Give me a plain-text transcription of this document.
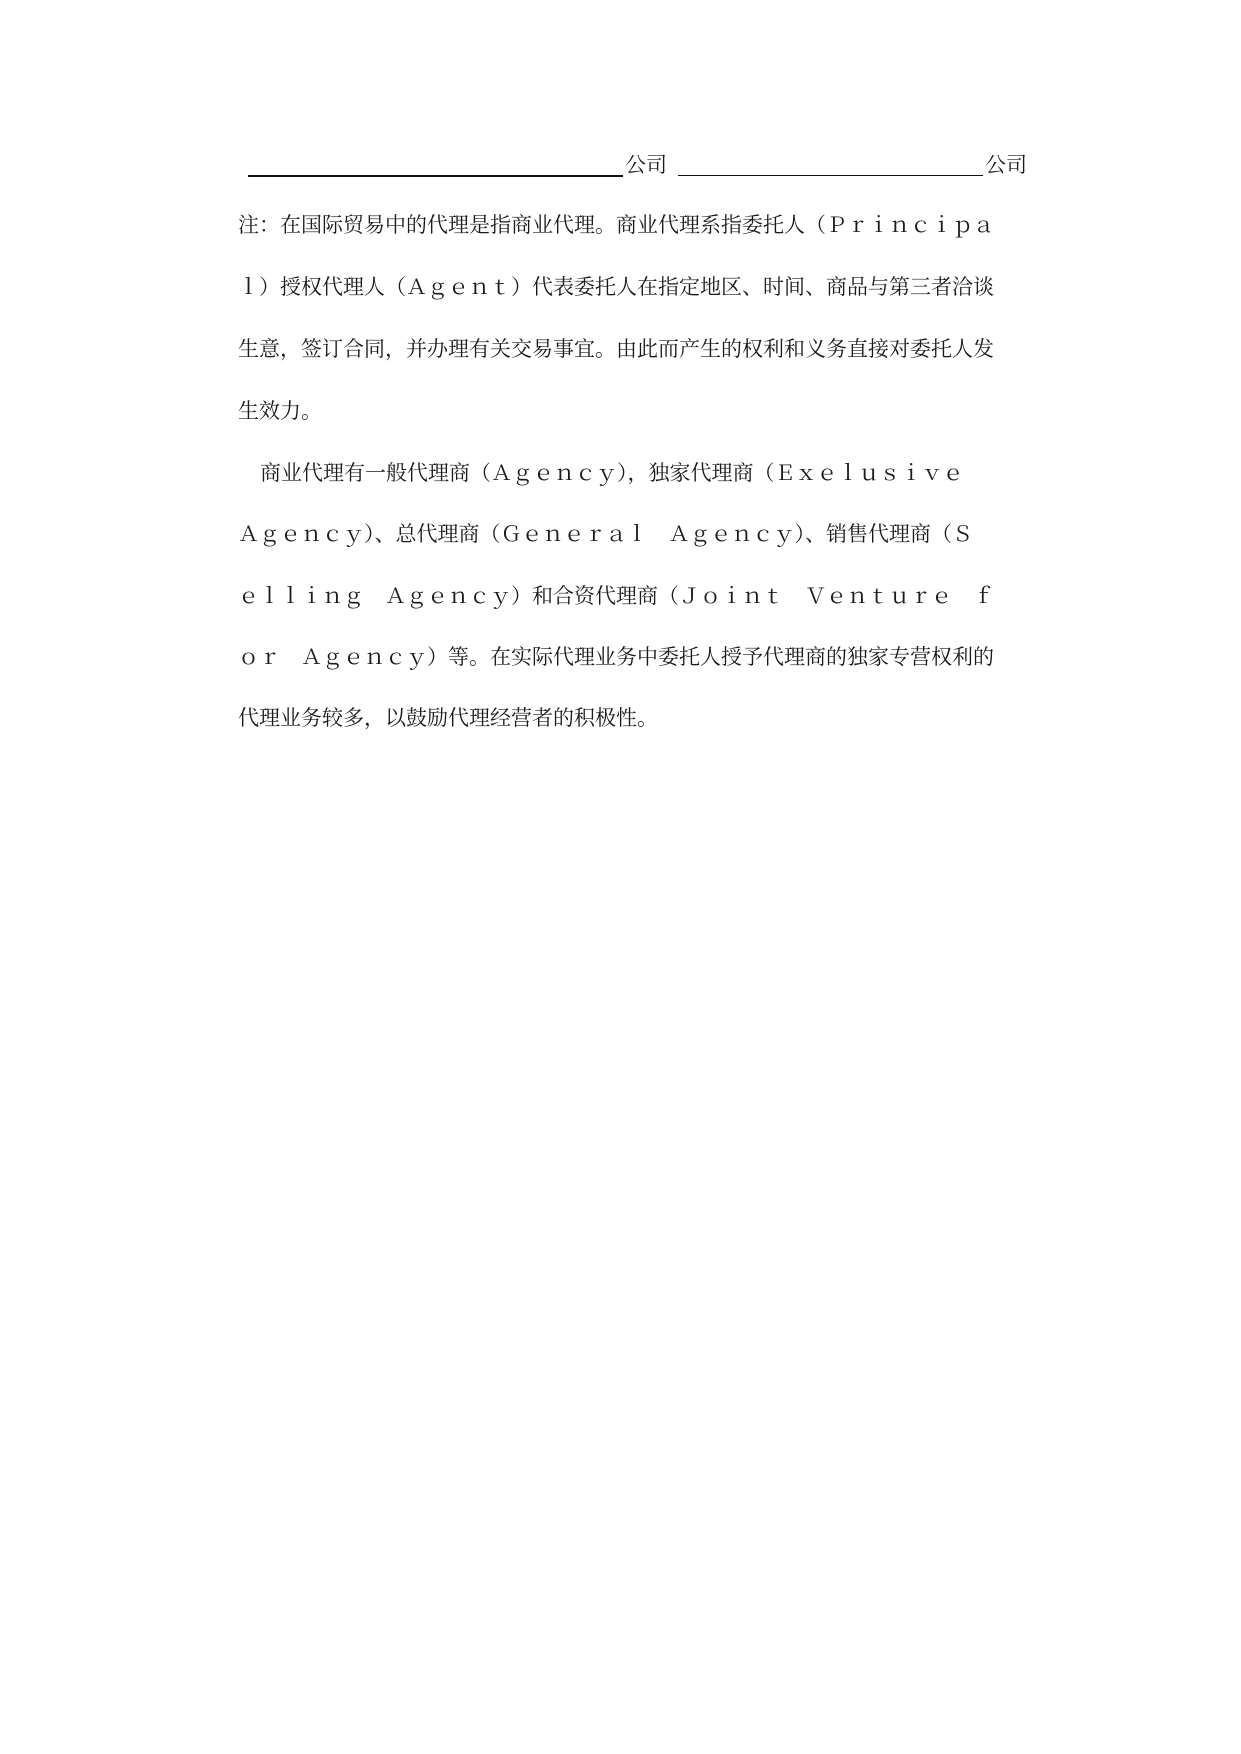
公司	公司
注：在国际贸易中的代理是指商业代理。商业代理系指委托人（Ｐｒｉｎｃｉｐａ
ｌ）授权代理人（Ａｇｅｎｔ）代表委托人在指定地区、时间、商品与第三者洽谈
生意，签订合同，并办理有关交易事宜。由此而产生的权利和义务直接对委托人发
生效力。
商业代理有一般代理商（Ａｇｅｎｃｙ），独家代理商（Ｅｘｅｌｕｓｉｖｅ
Ａｇｅｎｃｙ）、总代理商（Ｇｅｎｅｒａｌ　Ａｇｅｎｃｙ）、销售代理商（Ｓ
ｅｌｌｉｎｇ　Ａｇｅｎｃｙ）和合资代理商（Ｊｏｉｎｔ　Ｖｅｎｔｕｒｅ　ｆ
ｏｒ　Ａｇｅｎｃｙ）等。在实际代理业务中委托人授予代理商的独家专营权利的
代理业务较多，以鼓励代理经营者的积极性。
